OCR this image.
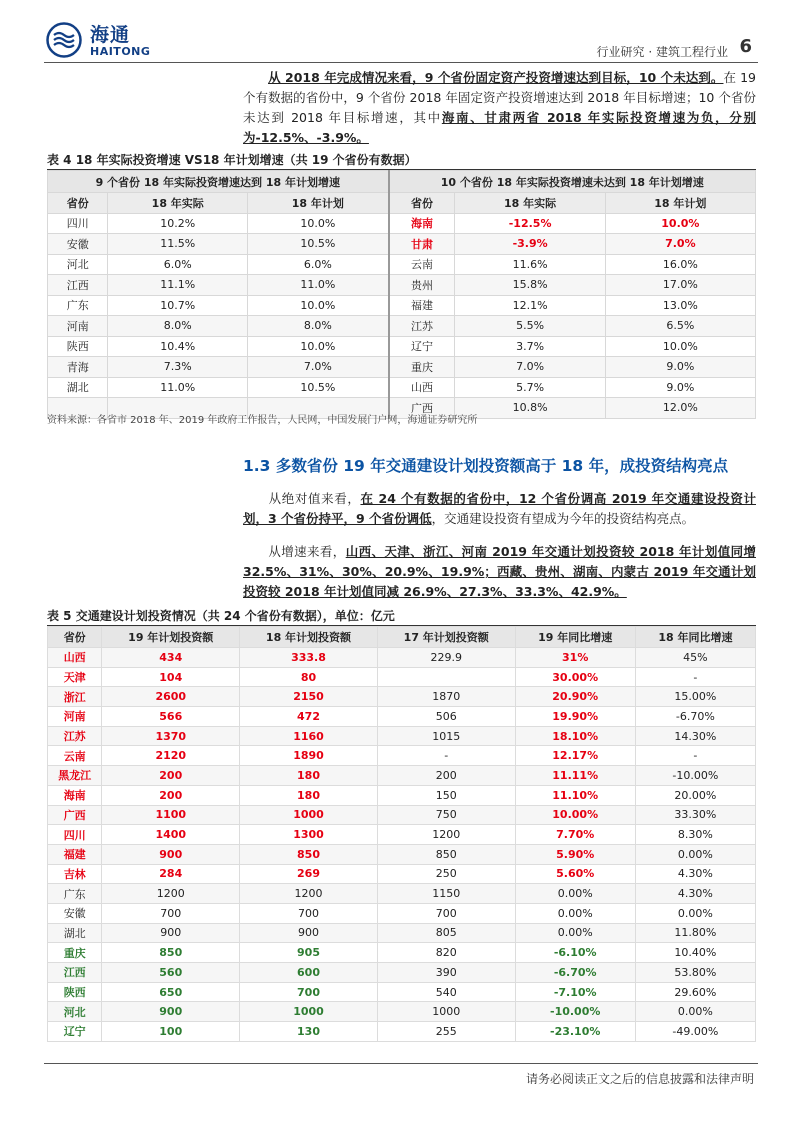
海通
HAITONG	行业研究 · 建筑工程行业 6
从 2018 年完成情况来看，9 个省份固定资产投资增速达到目标，10 个未达到。在 19 个有数据的省份中，9 个省份 2018 年固定资产投资增速达到 2018 年目标增速；10 个省份未达到 2018 年目标增速，其中海南、甘肃两省 2018 年实际投资增速为负，分别为-12.5%、-3.9%。
表 4 18 年实际投资增速 VS18 年计划增速（共 19 个省份有数据）
9 个省份 18 年实际投资增速达到 18 年计划增速			10 个省份 18 年实际投资增速未达到 18 年计划增速		
省份	18 年实际	18 年计划	省份	18 年实际	18 年计划
四川	10.2%	10.0%	海南	-12.5%	10.0%
安徽	11.5%	10.5%	甘肃	-3.9%	7.0%
河北	6.0%	6.0%	云南	11.6%	16.0%
江西	11.1%	11.0%	贵州	15.8%	17.0%
广东	10.7%	10.0%	福建	12.1%	13.0%
河南	8.0%	8.0%	江苏	5.5%	6.5%
陕西	10.4%	10.0%	辽宁	3.7%	10.0%
青海	7.3%	7.0%	重庆	7.0%	9.0%
湖北	11.0%	10.5%	山西	5.7%	9.0%
			广西	10.8%	12.0%
资料来源：各省市 2018 年、2019 年政府工作报告，人民网，中国发展门户网，海通证券研究所
1.3 多数省份 19 年交通建设计划投资额高于 18 年，成投资结构亮点
从绝对值来看，在 24 个有数据的省份中，12 个省份调高 2019 年交通建设投资计划，3 个省份持平，9 个省份调低，交通建设投资有望成为今年的投资结构亮点。
从增速来看，山西、天津、浙江、河南 2019 年交通计划投资较 2018 年计划值同增 32.5%、31%、30%、20.9%、19.9%；西藏、贵州、湖南、内蒙古 2019 年交通计划投资较 2018 年计划值同减 26.9%、27.3%、33.3%、42.9%。
表 5 交通建设计划投资情况（共 24 个省份有数据），单位：亿元
省份	19 年计划投资额	18 年计划投资额	17 年计划投资额	19 年同比增速	18 年同比增速
山西	434	333.8	229.9	31%	45%
天津	104	80		30.00%	-
浙江	2600	2150	1870	20.90%	15.00%
河南	566	472	506	19.90%	-6.70%
江苏	1370	1160	1015	18.10%	14.30%
云南	2120	1890	-	12.17%	-
黑龙江	200	180	200	11.11%	-10.00%
海南	200	180	150	11.10%	20.00%
广西	1100	1000	750	10.00%	33.30%
四川	1400	1300	1200	7.70%	8.30%
福建	900	850	850	5.90%	0.00%
吉林	284	269	250	5.60%	4.30%
广东	1200	1200	1150	0.00%	4.30%
安徽	700	700	700	0.00%	0.00%
湖北	900	900	805	0.00%	11.80%
重庆	850	905	820	-6.10%	10.40%
江西	560	600	390	-6.70%	53.80%
陕西	650	700	540	-7.10%	29.60%
河北	900	1000	1000	-10.00%	0.00%
辽宁	100	130	255	-23.10%	-49.00%
请务必阅读正文之后的信息披露和法律声明
